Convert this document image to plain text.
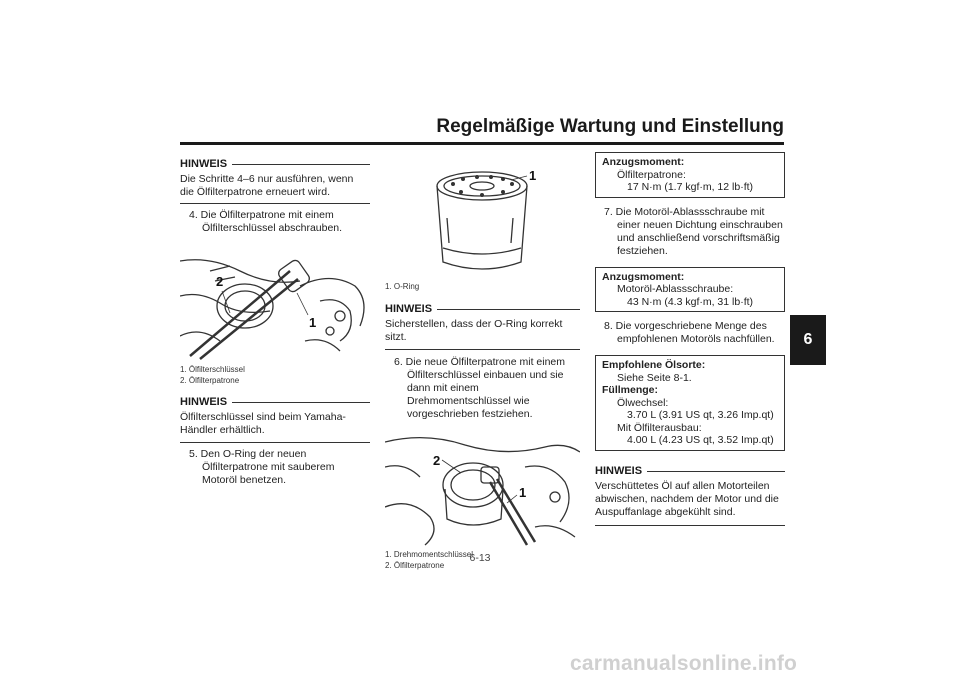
Regelmäßige Wartung und Einstellung
6
HINWEIS
Die Schritte 4–6 nur ausführen, wenn die Ölfilterpatrone erneuert wird.
4. Die Ölfilterpatrone mit einem Ölfilterschlüssel abschrauben.
2
1
1. Ölfilterschlüssel
2. Ölfilterpatrone
HINWEIS
Ölfilterschlüssel sind beim Yamaha-Händler erhältlich.
5. Den O-Ring der neuen Ölfilterpatrone mit sauberem Motoröl benetzen.
1
1. O-Ring
HINWEIS
Sicherstellen, dass der O-Ring korrekt sitzt.
6. Die neue Ölfilterpatrone mit einem Ölfilterschlüssel einbauen und sie dann mit einem Drehmomentschlüssel wie vorgeschrieben festziehen.
2
1
1. Drehmomentschlüssel
2. Ölfilterpatrone
Anzugsmoment:
Ölfilterpatrone:
17 N·m (1.7 kgf·m, 12 lb·ft)
7. Die Motoröl-Ablassschraube mit einer neuen Dichtung einschrauben und anschließend vorschriftsmäßig festziehen.
Anzugsmoment:
Motoröl-Ablassschraube:
43 N·m (4.3 kgf·m, 31 lb·ft)
8. Die vorgeschriebene Menge des empfohlenen Motoröls nachfüllen.
Empfohlene Ölsorte:
Siehe Seite 8-1.
Füllmenge:
Ölwechsel:
3.70 L (3.91 US qt, 3.26 Imp.qt)
Mit Ölfilterausbau:
4.00 L (4.23 US qt, 3.52 Imp.qt)
HINWEIS
Verschüttetes Öl auf allen Motorteilen abwischen, nachdem der Motor und die Auspuffanlage abgekühlt sind.
6-13
carmanualsonline.info
